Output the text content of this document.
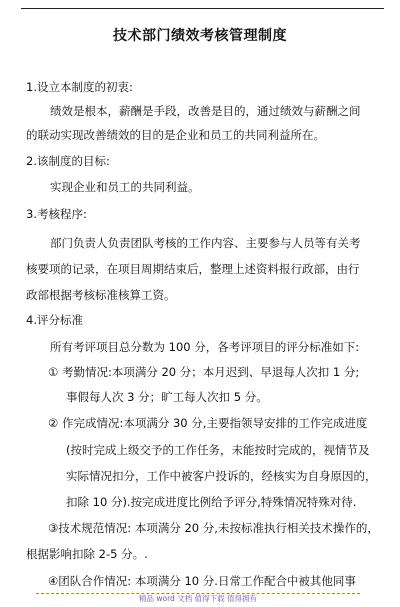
技术部门绩效考核管理制度
1.设立本制度的初衷:
绩效是根本，薪酬是手段，改善是目的，通过绩效与薪酬之间
的联动实现改善绩效的目的是企业和员工的共同利益所在。
2.该制度的目标:
实现企业和员工的共同利益。
3.考核程序:
部门负责人负责团队考核的工作内容、主要参与人员等有关考
核要项的记录，在项目周期结束后，整理上述资料报行政部，由行
政部根据考核标准核算工资。
4.评分标准
所有考评项目总分数为 100 分，各考评项目的评分标准如下:
① 考勤情况:本项满分 20 分；本月迟到、早退每人次扣 1 分;
事假每人次 3 分；旷工每人次扣 5 分。
② 作完成情况:本项满分 30 分,主要指领导安排的工作完成进度
(按时完成上级交予的工作任务，未能按时完成的，视情节及
实际情况扣分，工作中被客户投诉的，经核实为自身原因的，
扣除 10 分).按完成进度比例给予评分,特殊情况特殊对待.
③技术规范情况: 本项满分 20 分,未按标准执行相关技术操作的，
根据影响扣除 2-5 分。.
④团队合作情况: 本项满分 10 分.日常工作配合中被其他同事
精品 word 文档 值得下载 值得拥有
